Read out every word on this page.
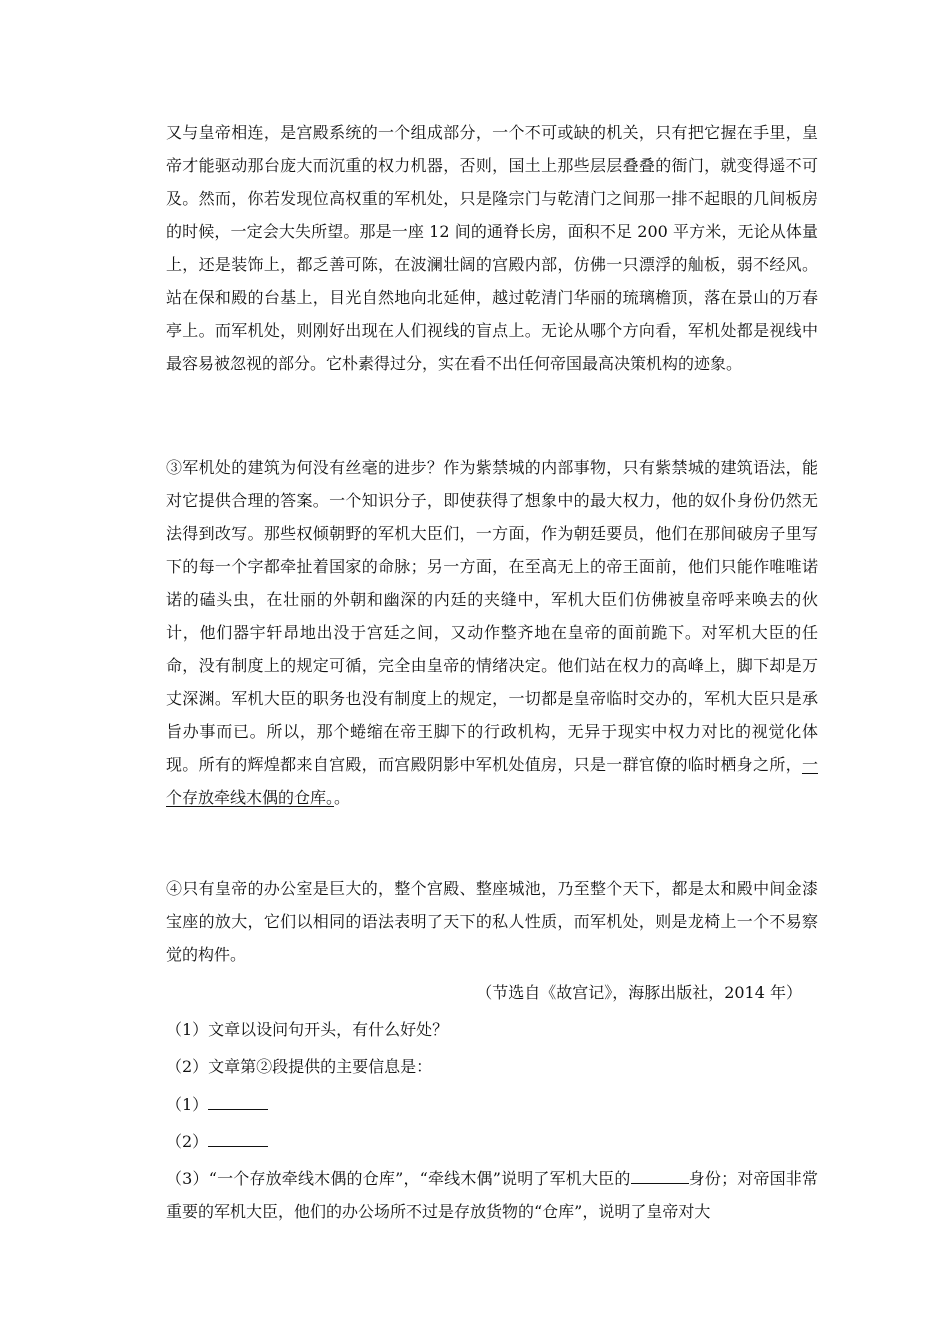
又与皇帝相连，是宫殿系统的一个组成部分，一个不可或缺的机关，只有把它握在手里，皇帝才能驱动那台庞大而沉重的权力机器，否则，国土上那些层层叠叠的衙门，就变得遥不可及。然而，你若发现位高权重的军机处，只是隆宗门与乾清门之间那一排不起眼的几间板房的时候，一定会大失所望。那是一座 12 间的通脊长房，面积不足 200 平方米，无论从体量上，还是装饰上，都乏善可陈，在波澜壮阔的宫殿内部，仿佛一只漂浮的舢板，弱不经风。站在保和殿的台基上，目光自然地向北延伸，越过乾清门华丽的琉璃檐顶，落在景山的万春亭上。而军机处，则刚好出现在人们视线的盲点上。无论从哪个方向看，军机处都是视线中最容易被忽视的部分。它朴素得过分，实在看不出任何帝国最高决策机构的迹象。
③军机处的建筑为何没有丝毫的进步？作为紫禁城的内部事物，只有紫禁城的建筑语法，能对它提供合理的答案。一个知识分子，即使获得了想象中的最大权力，他的奴仆身份仍然无法得到改写。那些权倾朝野的军机大臣们，一方面，作为朝廷要员，他们在那间破房子里写下的每一个字都牵扯着国家的命脉；另一方面，在至高无上的帝王面前，他们只能作唯唯诺诺的磕头虫，在壮丽的外朝和幽深的内廷的夹缝中，军机大臣们仿佛被皇帝呼来唤去的伙计，他们器宇轩昂地出没于宫廷之间，又动作整齐地在皇帝的面前跪下。对军机大臣的任命，没有制度上的规定可循，完全由皇帝的情绪决定。他们站在权力的高峰上，脚下却是万丈深渊。军机大臣的职务也没有制度上的规定，一切都是皇帝临时交办的，军机大臣只是承旨办事而已。所以，那个蜷缩在帝王脚下的行政机构，无异于现实中权力对比的视觉化体现。所有的辉煌都来自宫殿，而宫殿阴影中军机处值房，只是一群官僚的临时栖身之所，一个存放牵线木偶的仓库。。
④只有皇帝的办公室是巨大的，整个宫殿、整座城池，乃至整个天下，都是太和殿中间金漆宝座的放大，它们以相同的语法表明了天下的私人性质，而军机处，则是龙椅上一个不易察觉的构件。
（节选自《故宫记》，海豚出版社，2014 年）
（1）文章以设问句开头，有什么好处？
（2）文章第②段提供的主要信息是：
（1）
（2）
（3）“一个存放牵线木偶的仓库”，“牵线木偶”说明了军机大臣的	身份；对帝国非常重要的军机大臣，他们的办公场所不过是存放货物的“仓库”，说明了皇帝对大
